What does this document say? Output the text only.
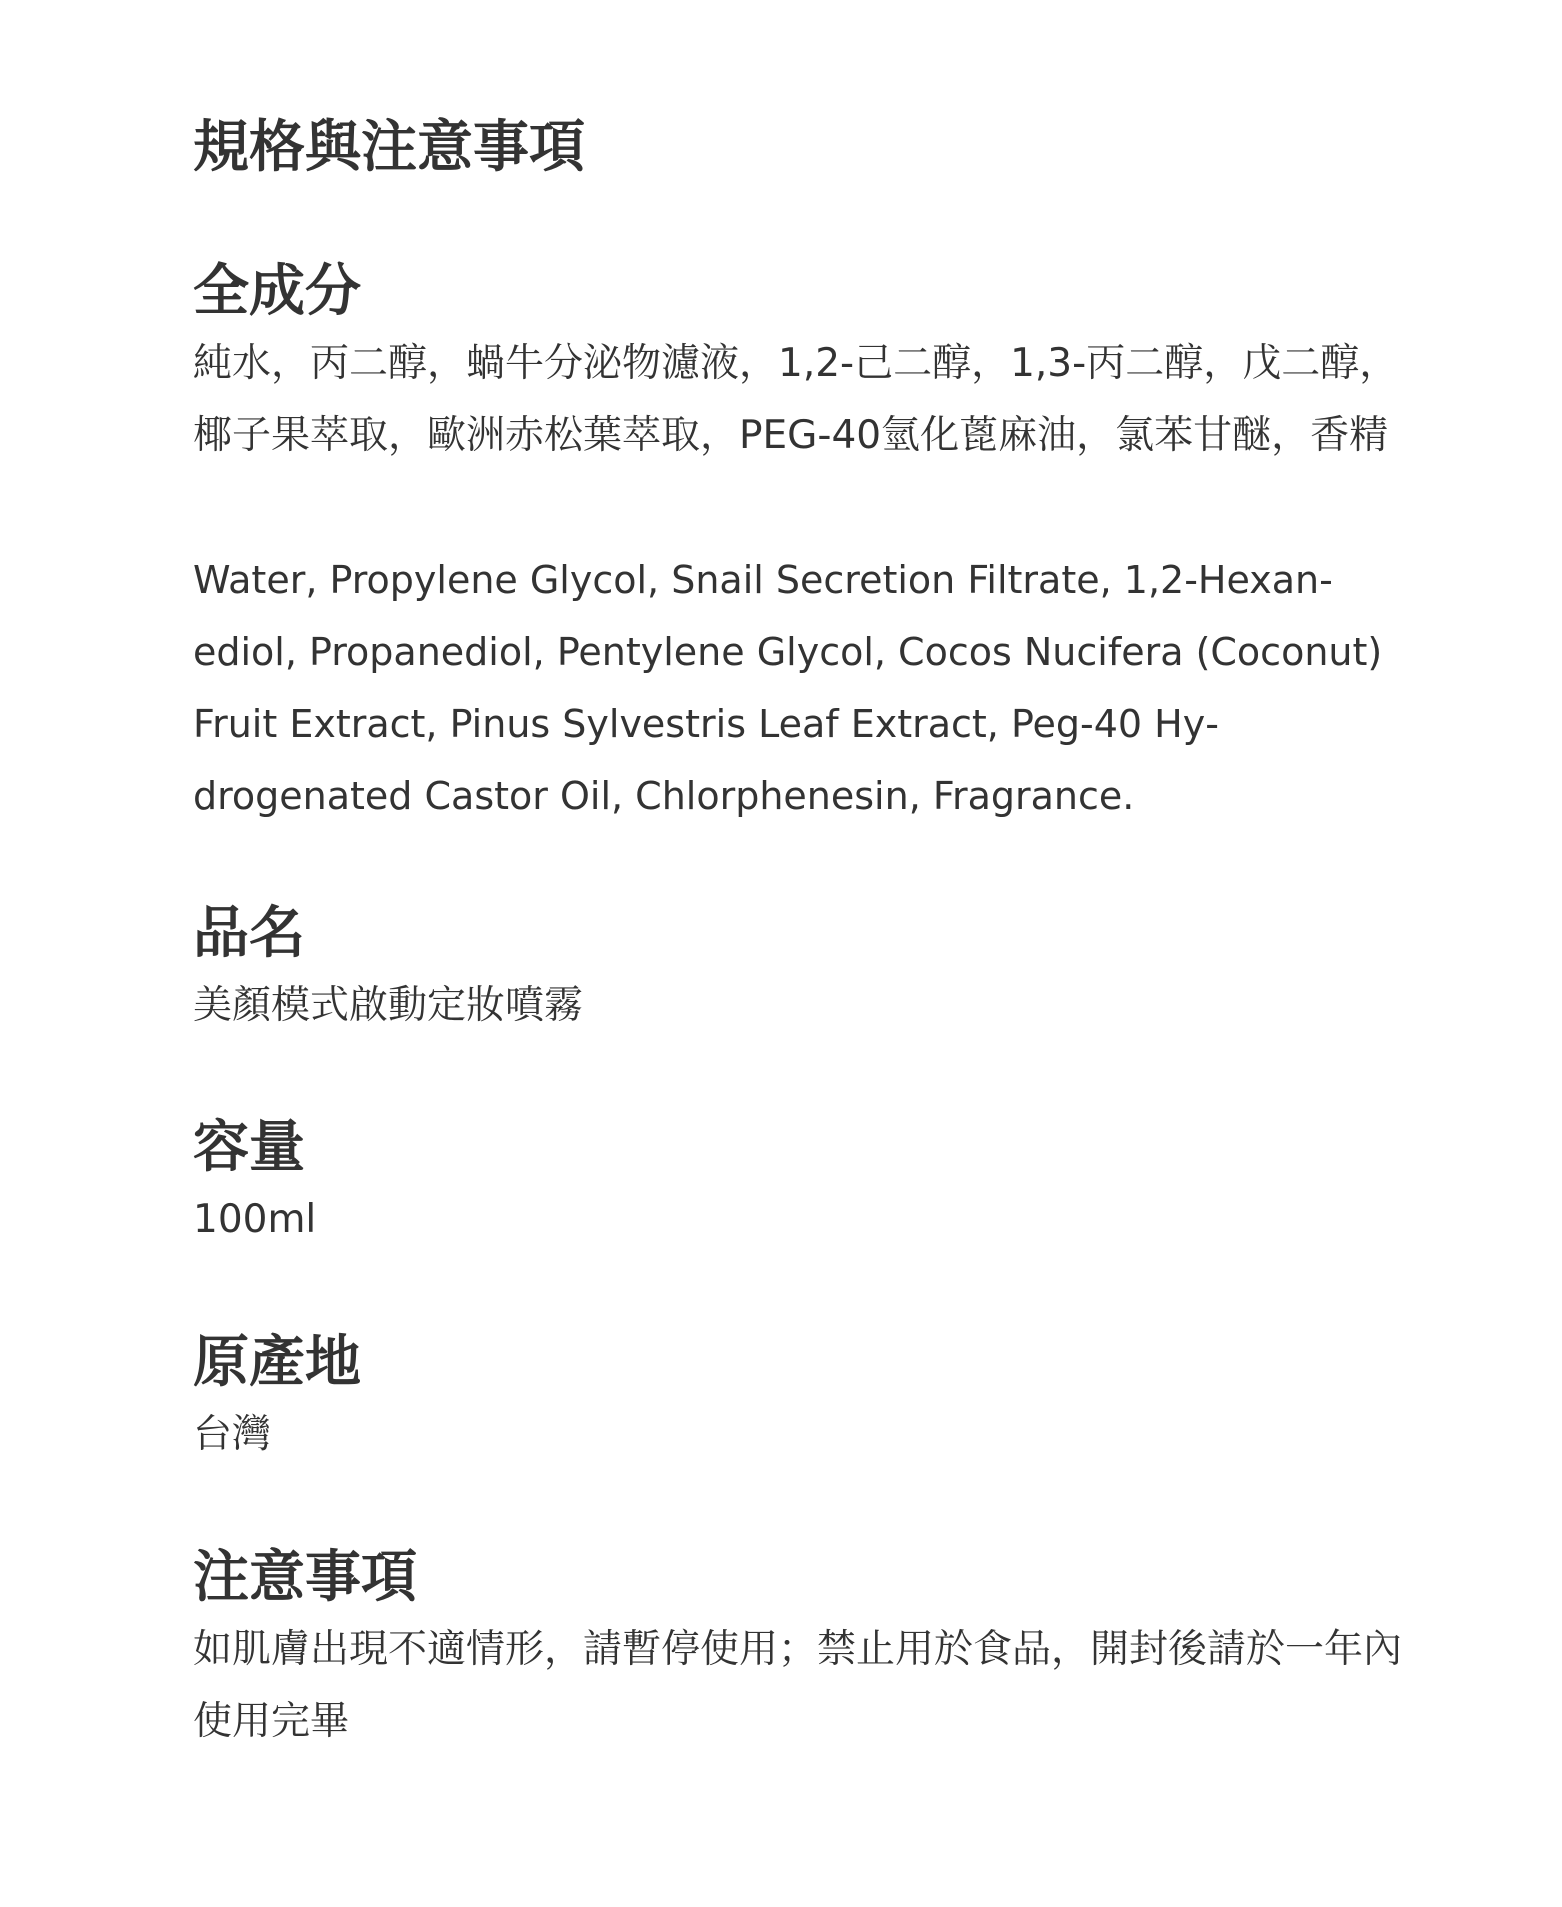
規格與注意事項
全成分

純水，丙二醇，蝸牛分泌物濾液，1,2-己二醇，1,3-丙二醇，戊二醇，椰子果萃取，歐洲赤松葉萃取，PEG-40氫化蓖麻油，氯苯甘醚，香精

Water, Propylene Glycol, Snail Secretion Filtrate, 1,2-Hexanediol, Propanediol, Pentylene Glycol, Cocos Nucifera (Coconut) Fruit Extract, Pinus Sylvestris Leaf Extract, Peg-40 Hydrogenated Castor Oil, Chlorphenesin, Fragrance.

品名

美顏模式啟動定妝噴霧

容量

100ml

原產地

台灣

注意事項

如肌膚出現不適情形，請暫停使用；禁止用於食品，開封後請於一年內使用完畢
